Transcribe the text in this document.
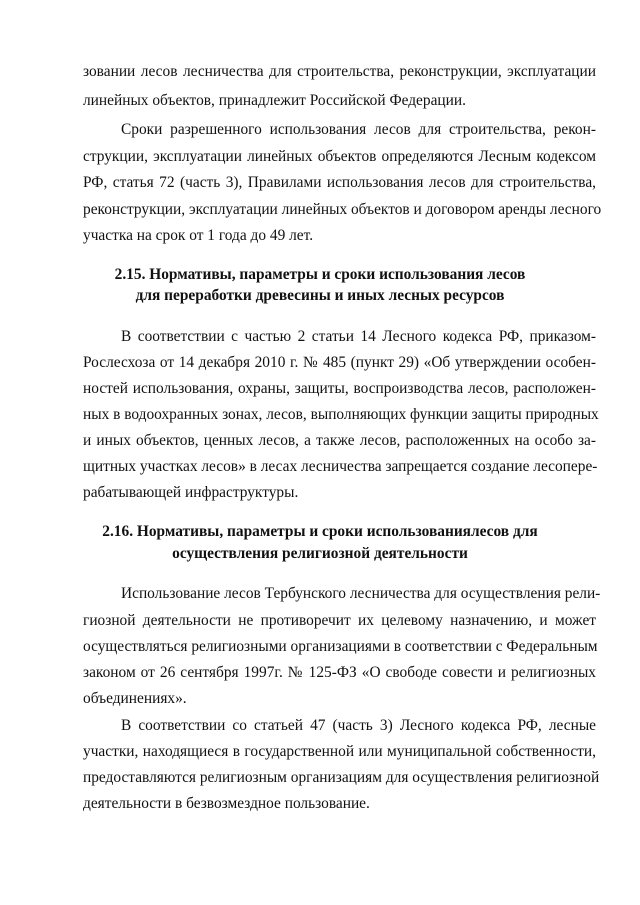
зовании лесов лесничества для строительства, реконструкции, эксплуатации
линейных объектов, принадлежит Российской Федерации.
Сроки разрешенного использования лесов для строительства, рекон-
струкции, эксплуатации линейных объектов определяются Лесным кодексом
РФ, статья 72 (часть 3), Правилами использования лесов для строительства,
реконструкции, эксплуатации линейных объектов и договором аренды лесного
участка на срок от 1 года до 49 лет.
2.15. Нормативы, параметры и сроки использования лесов
для переработки древесины и иных лесных ресурсов
В соответствии с частью 2 статьи 14 Лесного кодекса РФ, приказом-
Рослесхоза от 14 декабря 2010 г. № 485 (пункт 29) «Об утверждении особен-
ностей использования, охраны, защиты, воспроизводства лесов, расположен-
ных в водоохранных зонах, лесов, выполняющих функции защиты природных
и иных объектов, ценных лесов, а также лесов, расположенных на особо за-
щитных участках лесов» в лесах лесничества запрещается создание лесопере-
рабатывающей инфраструктуры.
2.16. Нормативы, параметры и сроки использованиялесов для
осуществления религиозной деятельности
Использование лесов Тербунского лесничества для осуществления рели-
гиозной деятельности не противоречит их целевому назначению, и может
осуществляться религиозными организациями в соответствии с Федеральным
законом от 26 сентября 1997г. № 125-ФЗ «О свободе совести и религиозных
объединениях».
В соответствии со статьей 47 (часть 3) Лесного кодекса РФ, лесные
участки, находящиеся в государственной или муниципальной собственности,
предоставляются религиозным организациям для осуществления религиозной
деятельности в безвозмездное пользование.
